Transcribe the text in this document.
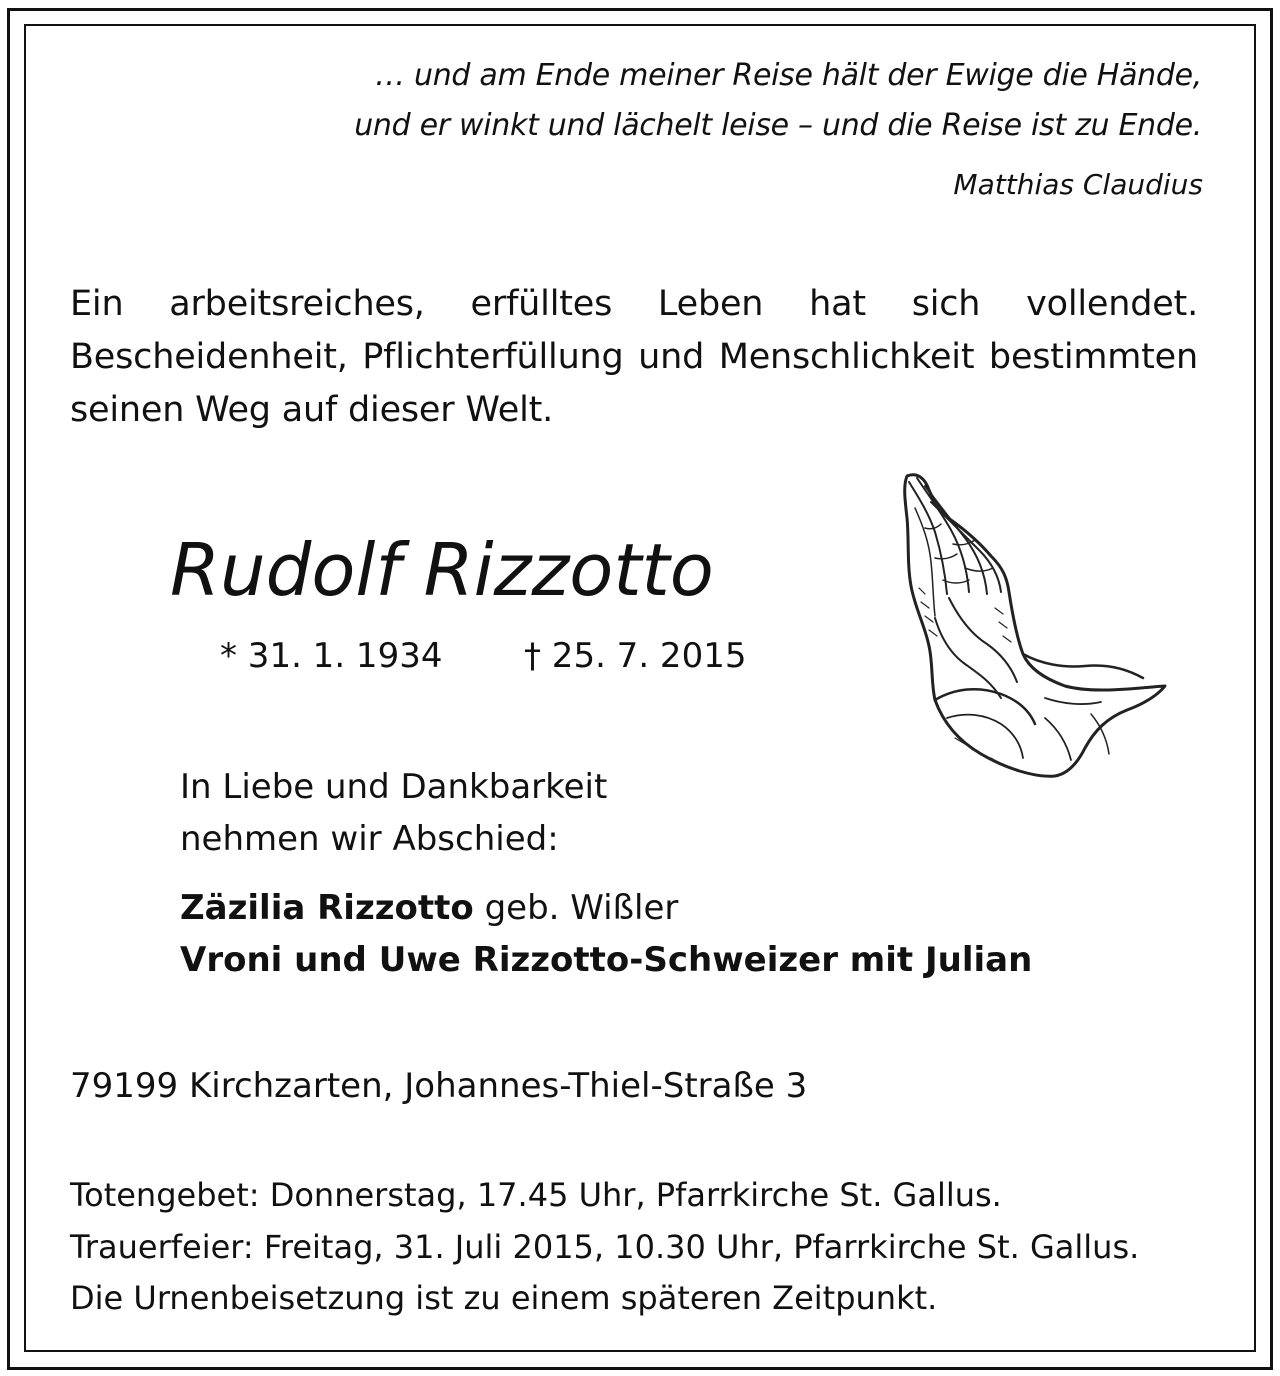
… und am Ende meiner Reise hält der Ewige die Hände,
und er winkt und lächelt leise – und die Reise ist zu Ende.
Matthias Claudius
Ein arbeitsreiches, erfülltes Leben hat sich vollendet. Bescheidenheit, Pflichterfüllung und Menschlichkeit bestimmten seinen Weg auf dieser Welt.
Rudolf Rizzotto
* 31. 1. 1934 † 25. 7. 2015
In Liebe und Dankbarkeit
nehmen wir Abschied:
Zäzilia Rizzotto geb. Wißler
Vroni und Uwe Rizzotto-Schweizer mit Julian
79199 Kirchzarten, Johannes-Thiel-Straße 3
Totengebet: Donnerstag, 17.45 Uhr, Pfarrkirche St. Gallus.
Trauerfeier: Freitag, 31. Juli 2015, 10.30 Uhr, Pfarrkirche St. Gallus.
Die Urnenbeisetzung ist zu einem späteren Zeitpunkt.
